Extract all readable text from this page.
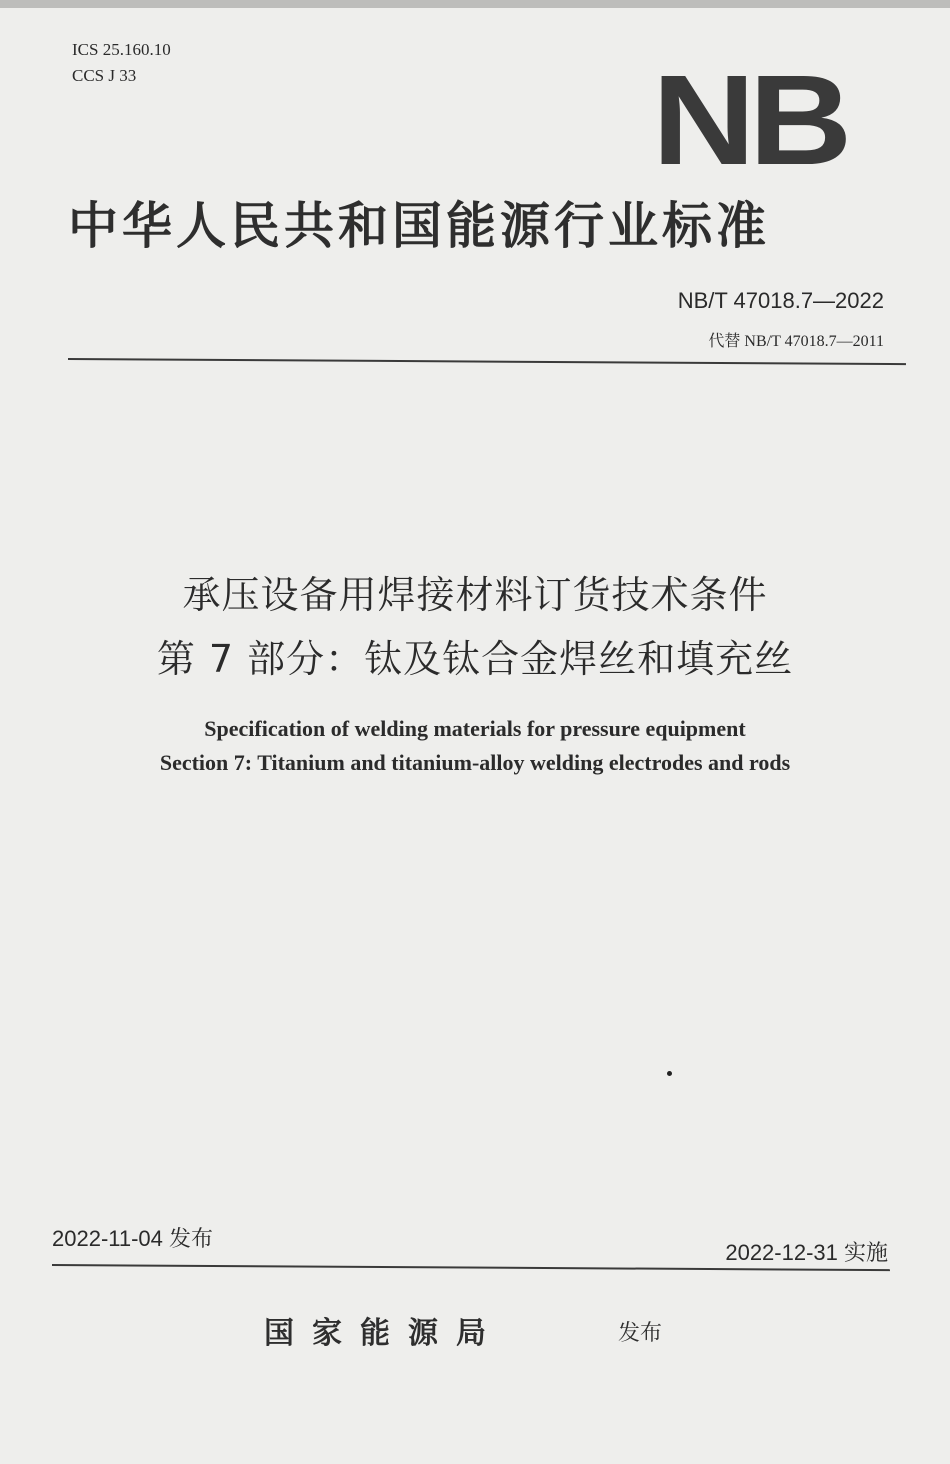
ICS 25.160.10
CCS J 33	NB
中华人民共和国能源行业标准
NB/T 47018.7—2022
代替 NB/T 47018.7—2011
承压设备用焊接材料订货技术条件
第 7 部分：钛及钛合金焊丝和填充丝
Specification of welding materials for pressure equipment
Section 7: Titanium and titanium-alloy welding electrodes and rods
2022-11-04 发布
2022-12-31 实施
国家能源局	发布
